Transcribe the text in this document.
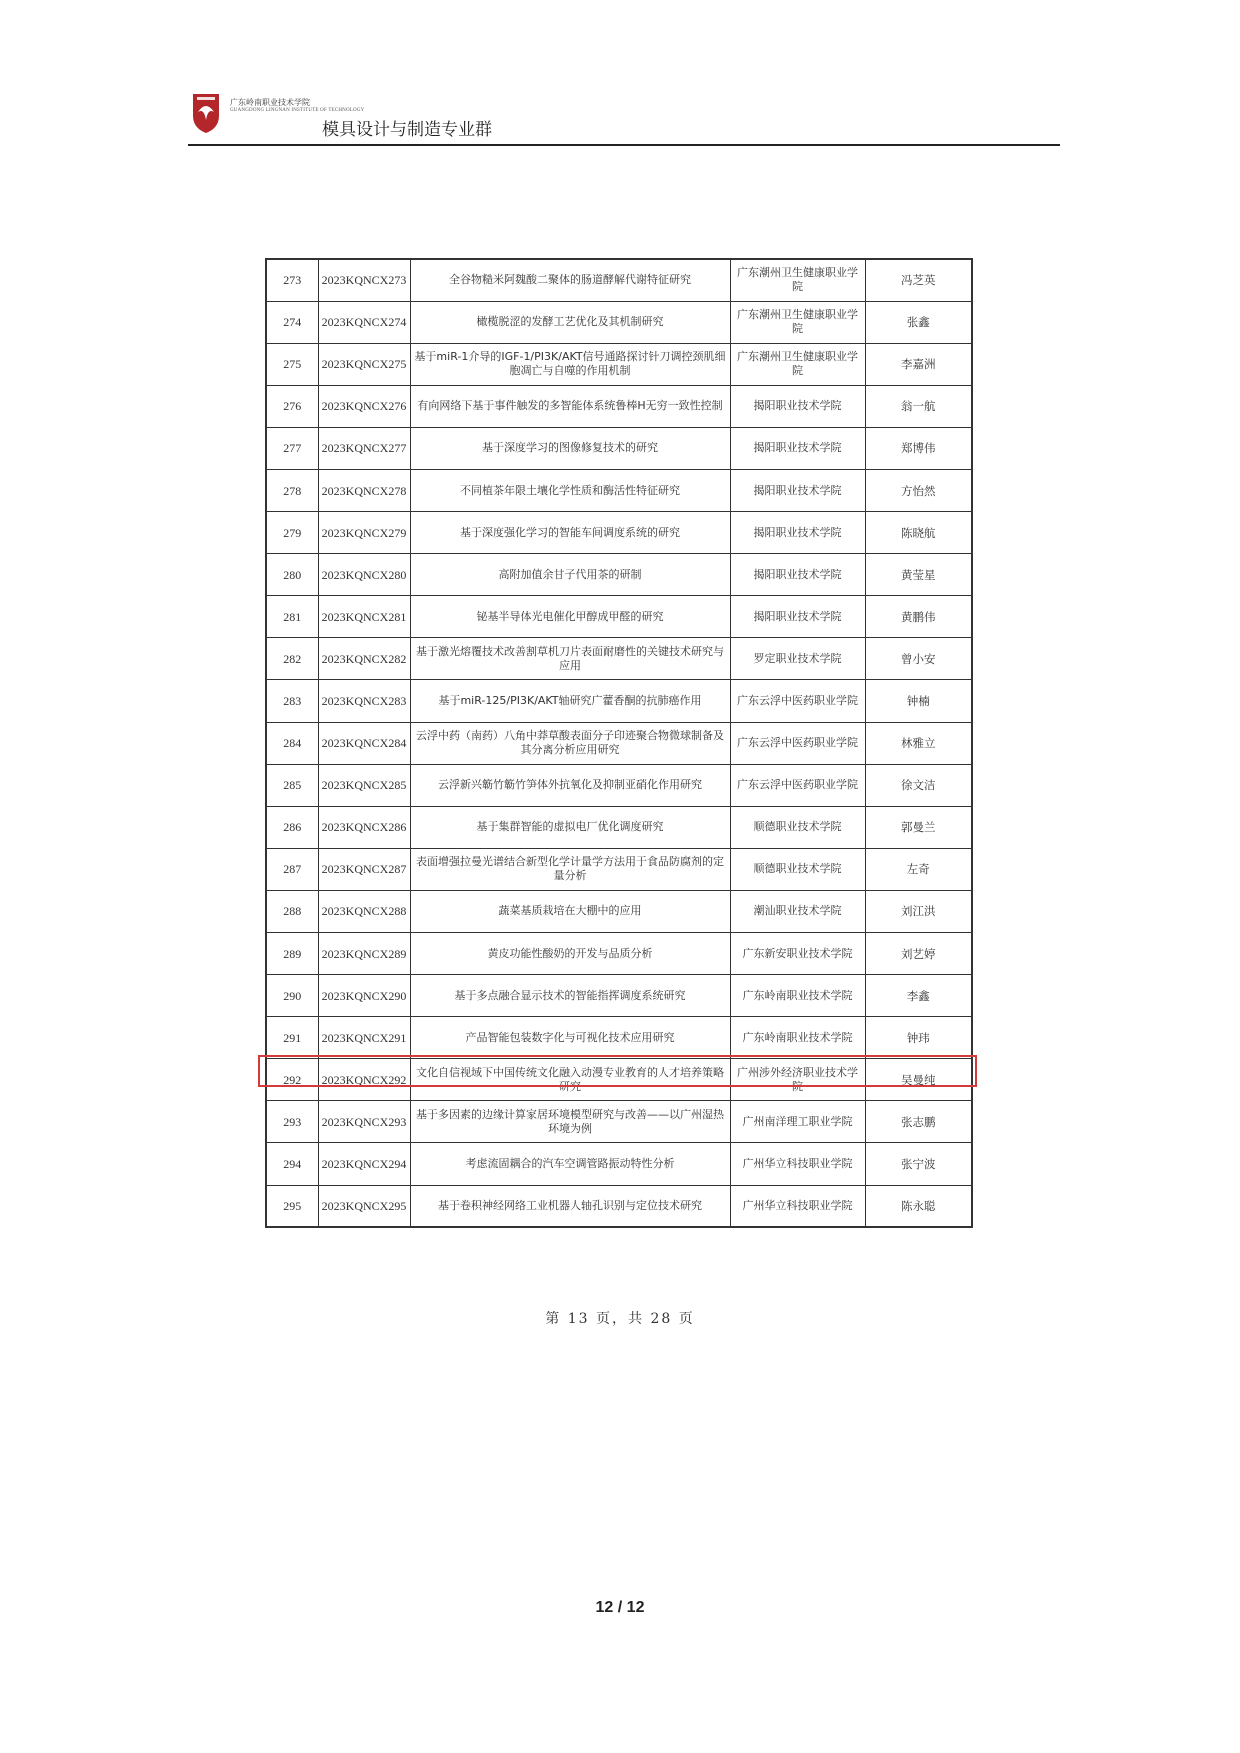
广东岭南职业技术学院
GUANGDONG LINGNAN INSTITUTE OF TECHNOLOGY
模具设计与制造专业群
273	2023KQNCX273	全谷物糙米阿魏酸二聚体的肠道酵解代谢特征研究	广东潮州卫生健康职业学院	冯芝英
274	2023KQNCX274	橄榄脱涩的发酵工艺优化及其机制研究	广东潮州卫生健康职业学院	张鑫
275	2023KQNCX275	基于miR-1介导的IGF-1/PI3K/AKT信号通路探讨针刀调控颈肌细胞凋亡与自噬的作用机制	广东潮州卫生健康职业学院	李嘉洲
276	2023KQNCX276	有向网络下基于事件触发的多智能体系统鲁棒H无穷一致性控制	揭阳职业技术学院	翁一航
277	2023KQNCX277	基于深度学习的图像修复技术的研究	揭阳职业技术学院	郑博伟
278	2023KQNCX278	不同植茶年限土壤化学性质和酶活性特征研究	揭阳职业技术学院	方怡然
279	2023KQNCX279	基于深度强化学习的智能车间调度系统的研究	揭阳职业技术学院	陈晓航
280	2023KQNCX280	高附加值余甘子代用茶的研制	揭阳职业技术学院	黄莹星
281	2023KQNCX281	铋基半导体光电催化甲醇成甲醛的研究	揭阳职业技术学院	黄鹏伟
282	2023KQNCX282	基于激光熔覆技术改善割草机刀片表面耐磨性的关键技术研究与应用	罗定职业技术学院	曾小安
283	2023KQNCX283	基于miR-125/PI3K/AKT轴研究广藿香酮的抗肺癌作用	广东云浮中医药职业学院	钟楠
284	2023KQNCX284	云浮中药（南药）八角中莽草酸表面分子印迹聚合物微球制备及其分离分析应用研究	广东云浮中医药职业学院	林雅立
285	2023KQNCX285	云浮新兴簕竹簕竹笋体外抗氧化及抑制亚硝化作用研究	广东云浮中医药职业学院	徐文洁
286	2023KQNCX286	基于集群智能的虚拟电厂优化调度研究	顺德职业技术学院	郭曼兰
287	2023KQNCX287	表面增强拉曼光谱结合新型化学计量学方法用于食品防腐剂的定量分析	顺德职业技术学院	左奇
288	2023KQNCX288	蔬菜基质栽培在大棚中的应用	潮汕职业技术学院	刘江洪
289	2023KQNCX289	黄皮功能性酸奶的开发与品质分析	广东新安职业技术学院	刘艺婷
290	2023KQNCX290	基于多点融合显示技术的智能指挥调度系统研究	广东岭南职业技术学院	李鑫
291	2023KQNCX291	产品智能包装数字化与可视化技术应用研究	广东岭南职业技术学院	钟玮
292	2023KQNCX292	文化自信视域下中国传统文化融入动漫专业教育的人才培养策略研究	广州涉外经济职业技术学院	吴曼纯
293	2023KQNCX293	基于多因素的边缘计算家居环境模型研究与改善——以广州湿热环境为例	广州南洋理工职业学院	张志鹏
294	2023KQNCX294	考虑流固耦合的汽车空调管路振动特性分析	广州华立科技职业学院	张宁波
295	2023KQNCX295	基于卷积神经网络工业机器人轴孔识别与定位技术研究	广州华立科技职业学院	陈永聪
第 13 页，共 28 页
12 / 12
